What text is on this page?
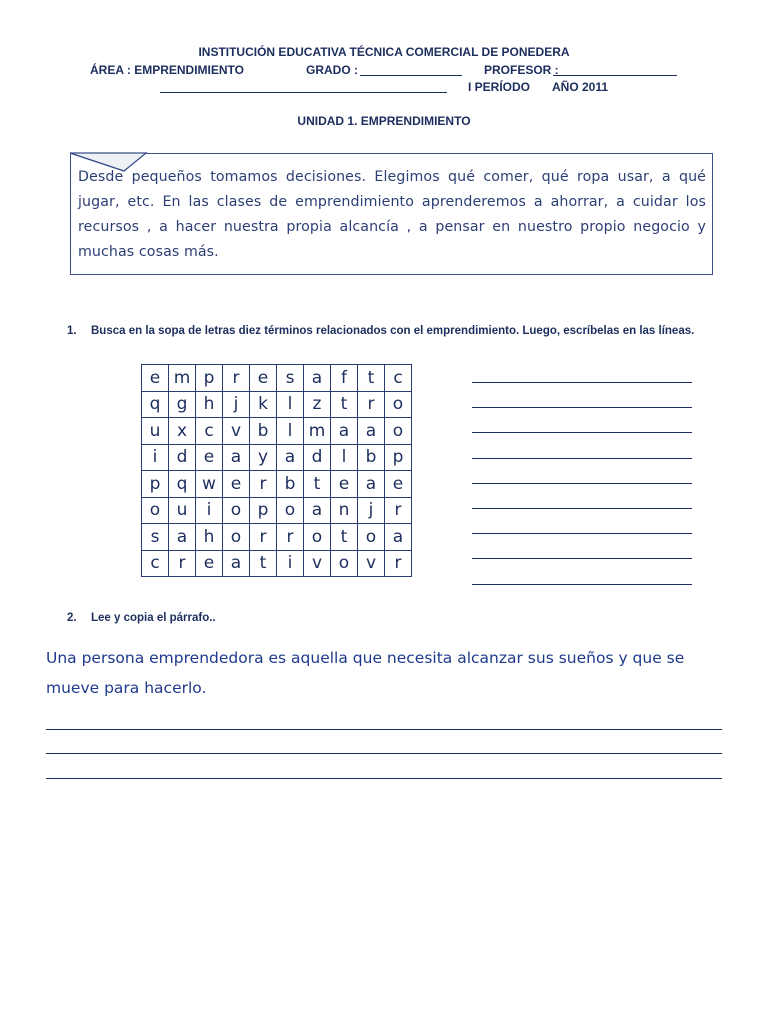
INSTITUCIÓN EDUCATIVA TÉCNICA COMERCIAL DE PONEDERA
ÁREA : EMPRENDIMIENTO	GRADO :	PROFESOR :
I PERÍODO AÑO 2011
UNIDAD 1. EMPRENDIMIENTO
Desde pequeños tomamos decisiones. Elegimos qué comer, qué ropa usar, a qué jugar, etc. En las clases de emprendimiento aprenderemos a ahorrar, a cuidar los recursos , a hacer nuestra propia alcancía , a pensar en nuestro propio negocio y muchas cosas más.
1. Busca en la sopa de letras diez términos relacionados con el emprendimiento. Luego, escríbelas en las líneas.
e	m	p	r	e	s	a	f	t	c
q	g	h	j	k	l	z	t	r	o
u	x	c	v	b	l	m	a	a	o
i	d	e	a	y	a	d	l	b	p
p	q	w	e	r	b	t	e	a	e
o	u	i	o	p	o	a	n	j	r
s	a	h	o	r	r	o	t	o	a
c	r	e	a	t	i	v	o	v	r
2. Lee y copia el párrafo..
Una persona emprendedora es aquella que necesita alcanzar sus sueños y que se mueve para hacerlo.
